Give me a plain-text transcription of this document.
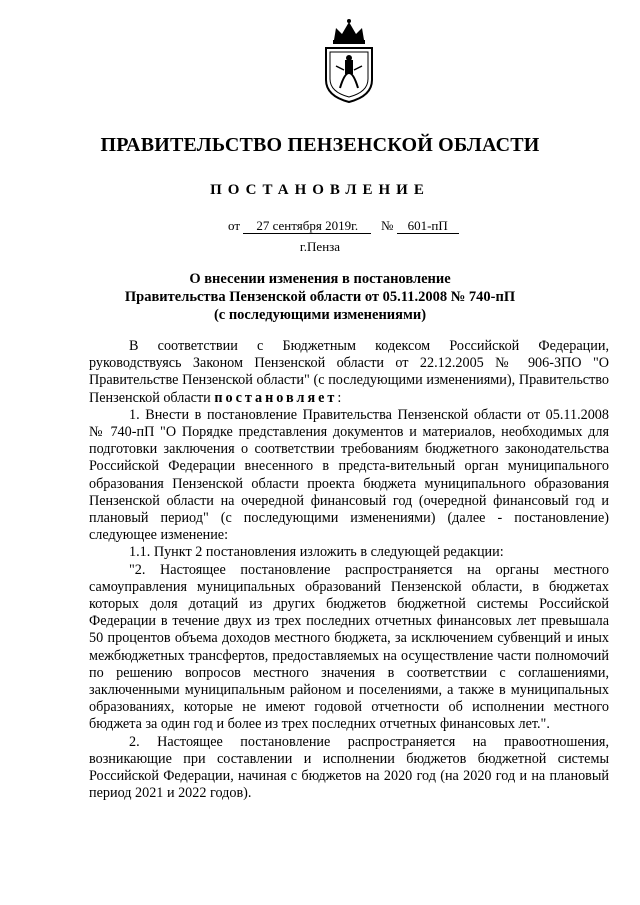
ПРАВИТЕЛЬСТВО ПЕНЗЕНСКОЙ ОБЛАСТИ
ПОСТАНОВЛЕНИЕ
от 27 сентября 2019г. № 601-пП
г.Пенза
О внесении изменения в постановление
Правительства Пензенской области от 05.11.2008 № 740-пП
(с последующими изменениями)

В соответствии с Бюджетным кодексом Российской Федерации, руководствуясь Законом Пензенской области от 22.12.2005 № 906-ЗПО "О Правительстве Пензенской области" (с последующими изменениями), Правительство Пензенской области постановляет:

1. Внести в постановление Правительства Пензенской области от 05.11.2008 № 740-пП "О Порядке представления документов и материалов, необходимых для подготовки заключения о соответствии требованиям бюджетного законодательства Российской Федерации внесенного в предста-вительный орган муниципального образования Пензенской области проекта бюджета муниципального образования Пензенской области на очередной финансовый год (очередной финансовый год и плановый период" (с последующими изменениями) (далее - постановление) следующее изменение:

1.1. Пункт 2 постановления изложить в следующей редакции:

"2. Настоящее постановление распространяется на органы местного самоуправления муниципальных образований Пензенской области, в бюджетах которых доля дотаций из других бюджетов бюджетной системы Российской Федерации в течение двух из трех последних отчетных финансовых лет превышала 50 процентов объема доходов местного бюджета, за исключением субвенций и иных межбюджетных трансфертов, предоставляемых на осуществление части полномочий по решению вопросов местного значения в соответствии с соглашениями, заключенными муниципальным районом и поселениями, а также в муниципальных образованиях, которые не имеют годовой отчетности об исполнении местного бюджета за один год и более из трех последних отчетных финансовых лет.".

2. Настоящее постановление распространяется на правоотношения, возникающие при составлении и исполнении бюджетов бюджетной системы Российской Федерации, начиная с бюджетов на 2020 год (на 2020 год и на плановый период 2021 и 2022 годов).
